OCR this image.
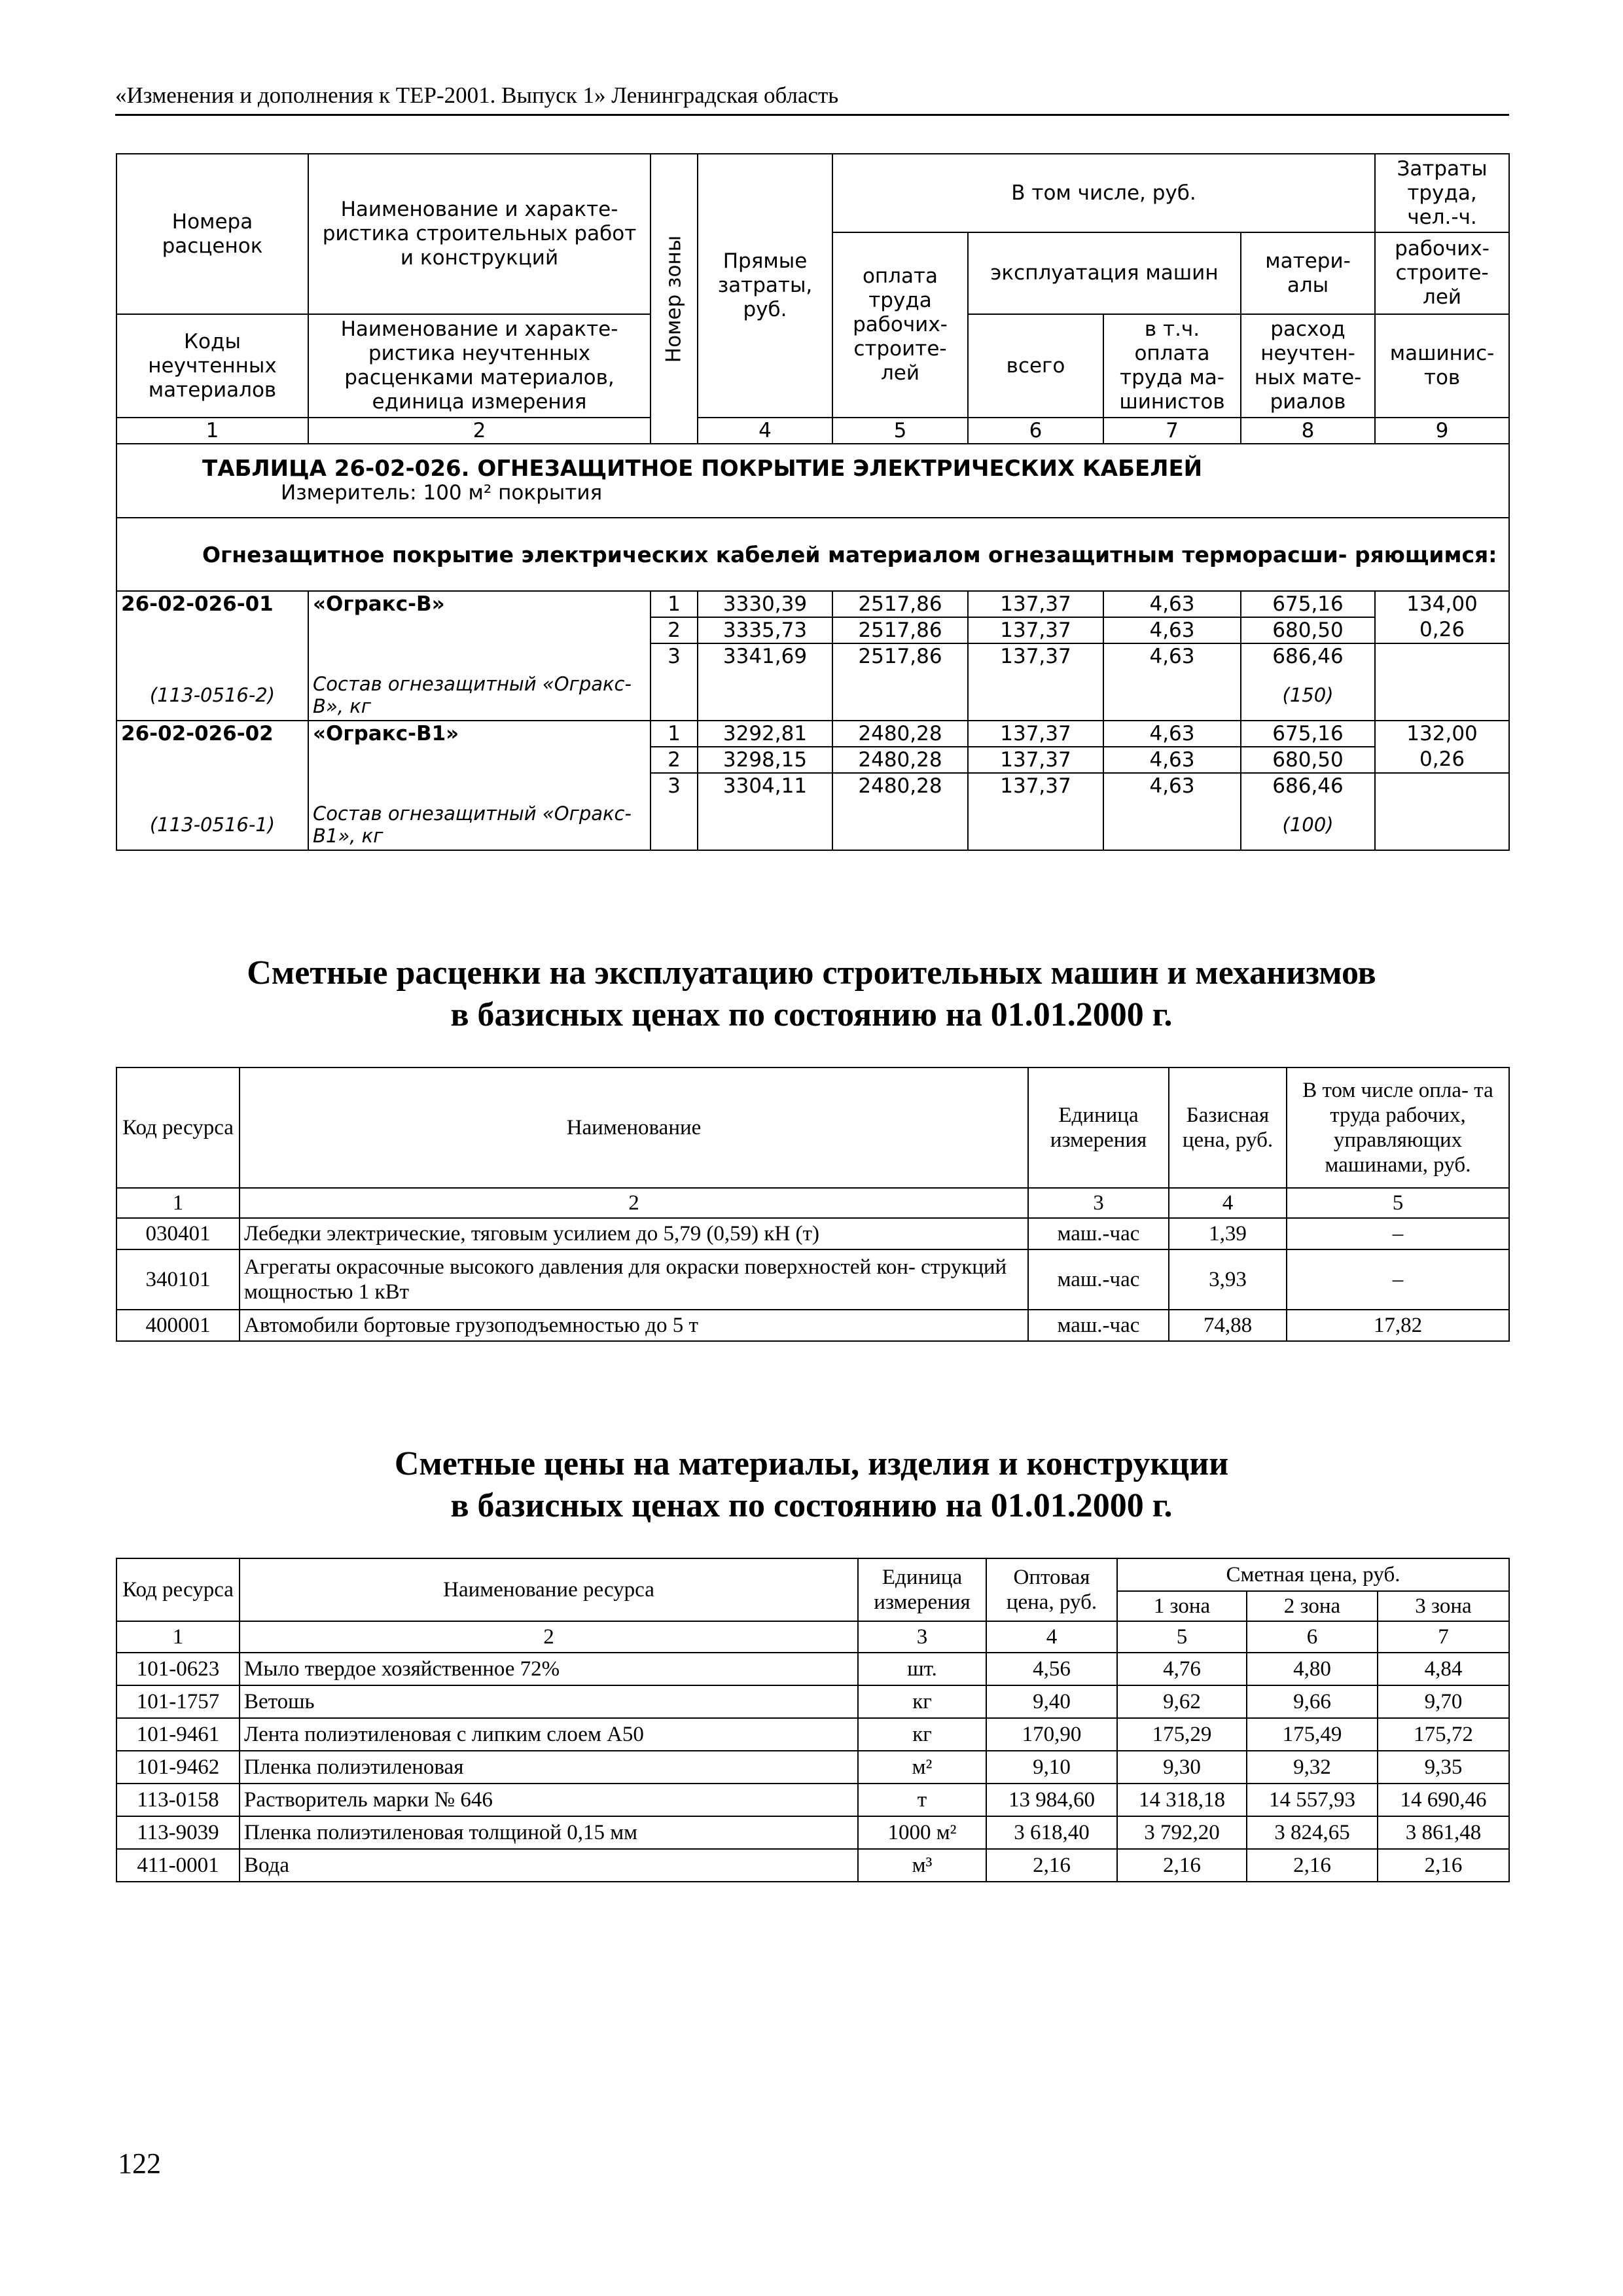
«Изменения и дополнения к ТЕР-2001. Выпуск 1» Ленинградская область
Номера расценок	Наименование и характе- ристика строительных работ и конструкций	Номер зоны	Прямые затраты, руб.	В том числе, руб.				Затраты труда, чел.-ч.
				оплата труда рабочих- строите- лей	эксплуатация машин		матери- алы	рабочих- строите- лей
Коды неучтенных материалов	Наименование и характе- ристика неучтенных расценками материалов, единица измерения				всего	в т.ч. оплата труда ма- шинистов	расход неучтен- ных мате- риалов	машинис- тов
1	2		4	5	6	7	8	9

ТАБЛИЦА 26-02-026. ОГНЕЗАЩИТНОЕ ПОКРЫТИЕ ЭЛЕКТРИЧЕСКИХ КАБЕЛЕЙ
Измеритель: 100 м² покрытия								

Огнезащитное покрытие электрических кабелей материалом огнезащитным терморасши- ряющимся:								
26-02-026-01	«Огракс-В»	1	3330,39	2517,86	137,37	4,63	675,16	134,00
		2	3335,73	2517,86	137,37	4,63	680,50	0,26
		3	3341,69	2517,86	137,37	4,63	686,46	
(113-0516-2)	Состав огнезащитный «Огракс- В», кг						(150)	
26-02-026-02	«Огракс-В1»	1	3292,81	2480,28	137,37	4,63	675,16	132,00
		2	3298,15	2480,28	137,37	4,63	680,50	0,26
		3	3304,11	2480,28	137,37	4,63	686,46	
(113-0516-1)	Состав огнезащитный «Огракс- В1», кг						(100)	
Сметные расценки на эксплуатацию строительных машин и механизмов
в базисных ценах по состоянию на 01.01.2000 г.
Код ресурса	Наименование	Единица измерения	Базисная цена, руб.	В том числе опла- та труда рабочих, управляющих машинами, руб.
1	2	3	4	5
030401	Лебедки электрические, тяговым усилием до 5,79 (0,59) кН (т)	маш.-час	1,39	–
340101	Агрегаты окрасочные высокого давления для окраски поверхностей кон- струкций мощностью 1 кВт	маш.-час	3,93	–
400001	Автомобили бортовые грузоподъемностью до 5 т	маш.-час	74,88	17,82
Сметные цены на материалы, изделия и конструкции
в базисных ценах по состоянию на 01.01.2000 г.
Код ресурса	Наименование ресурса	Единица измерения	Оптовая цена, руб.	Сметная цена, руб.		
				1 зона	2 зона	3 зона
1	2	3	4	5	6	7
101-0623	Мыло твердое хозяйственное 72%	шт.	4,56	4,76	4,80	4,84
101-1757	Ветошь	кг	9,40	9,62	9,66	9,70
101-9461	Лента полиэтиленовая с липким слоем А50	кг	170,90	175,29	175,49	175,72
101-9462	Пленка полиэтиленовая	м²	9,10	9,30	9,32	9,35
113-0158	Растворитель марки № 646	т	13 984,60	14 318,18	14 557,93	14 690,46
113-9039	Пленка полиэтиленовая толщиной 0,15 мм	1000 м²	3 618,40	3 792,20	3 824,65	3 861,48
411-0001	Вода	м³	2,16	2,16	2,16	2,16
122
